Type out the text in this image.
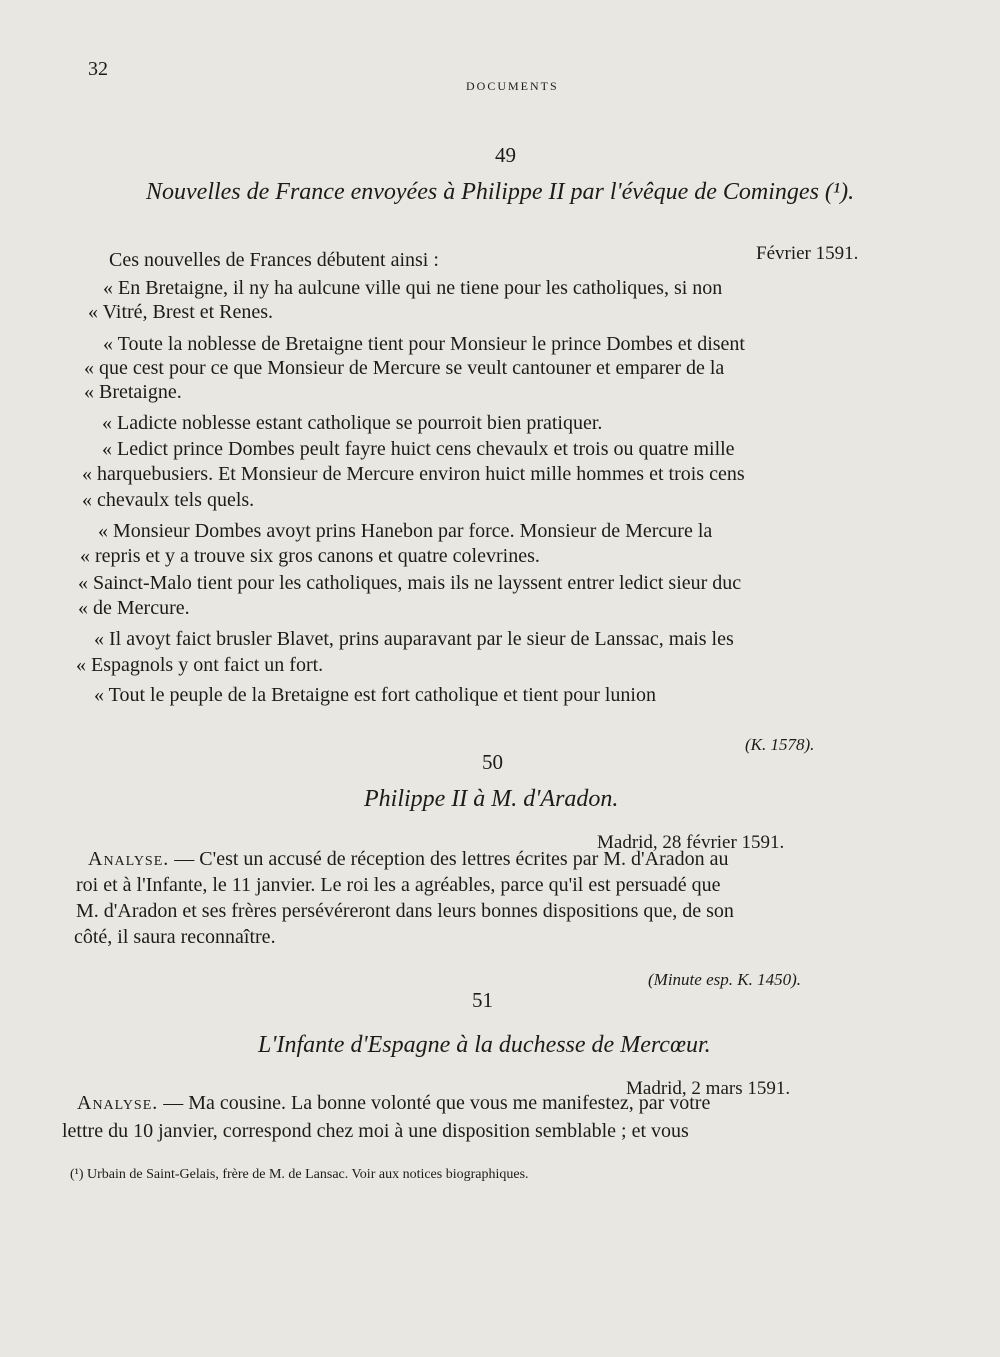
32
DOCUMENTS
49
Nouvelles de France envoyées à Philippe II par l'évêque de Cominges (¹).
Février 1591.
Ces nouvelles de Frances débutent ainsi :
« En Bretaigne, il ny ha aulcune ville qui ne tiene pour les catholiques, si non
« Vitré, Brest et Renes.
« Toute la noblesse de Bretaigne tient pour Monsieur le prince Dombes et disent
« que cest pour ce que Monsieur de Mercure se veult cantouner et emparer de la
« Bretaigne.
« Ladicte noblesse estant catholique se pourroit bien pratiquer.
« Ledict prince Dombes peult fayre huict cens chevaulx et trois ou quatre mille
« harquebusiers. Et Monsieur de Mercure environ huict mille hommes et trois cens
« chevaulx tels quels.
« Monsieur Dombes avoyt prins Hanebon par force. Monsieur de Mercure la
« repris et y a trouve six gros canons et quatre colevrines.
« Sainct-Malo tient pour les catholiques, mais ils ne layssent entrer ledict sieur duc
« de Mercure.
« Il avoyt faict brusler Blavet, prins auparavant par le sieur de Lanssac, mais les
« Espagnols y ont faict un fort.
« Tout le peuple de la Bretaigne est fort catholique et tient pour lunion
(K. 1578).
50
Philippe II à M. d'Aradon.
Madrid, 28 février 1591.
Analyse. — C'est un accusé de réception des lettres écrites par M. d'Aradon au
roi et à l'Infante, le 11 janvier. Le roi les a agréables, parce qu'il est persuadé que
M. d'Aradon et ses frères persévéreront dans leurs bonnes dispositions que, de son
côté, il saura reconnaître.
(Minute esp. K. 1450).
51
L'Infante d'Espagne à la duchesse de Mercœur.
Madrid, 2 mars 1591.
Analyse. — Ma cousine. La bonne volonté que vous me manifestez, par votre
lettre du 10 janvier, correspond chez moi à une disposition semblable ; et vous
(¹) Urbain de Saint-Gelais, frère de M. de Lansac. Voir aux notices biographiques.
